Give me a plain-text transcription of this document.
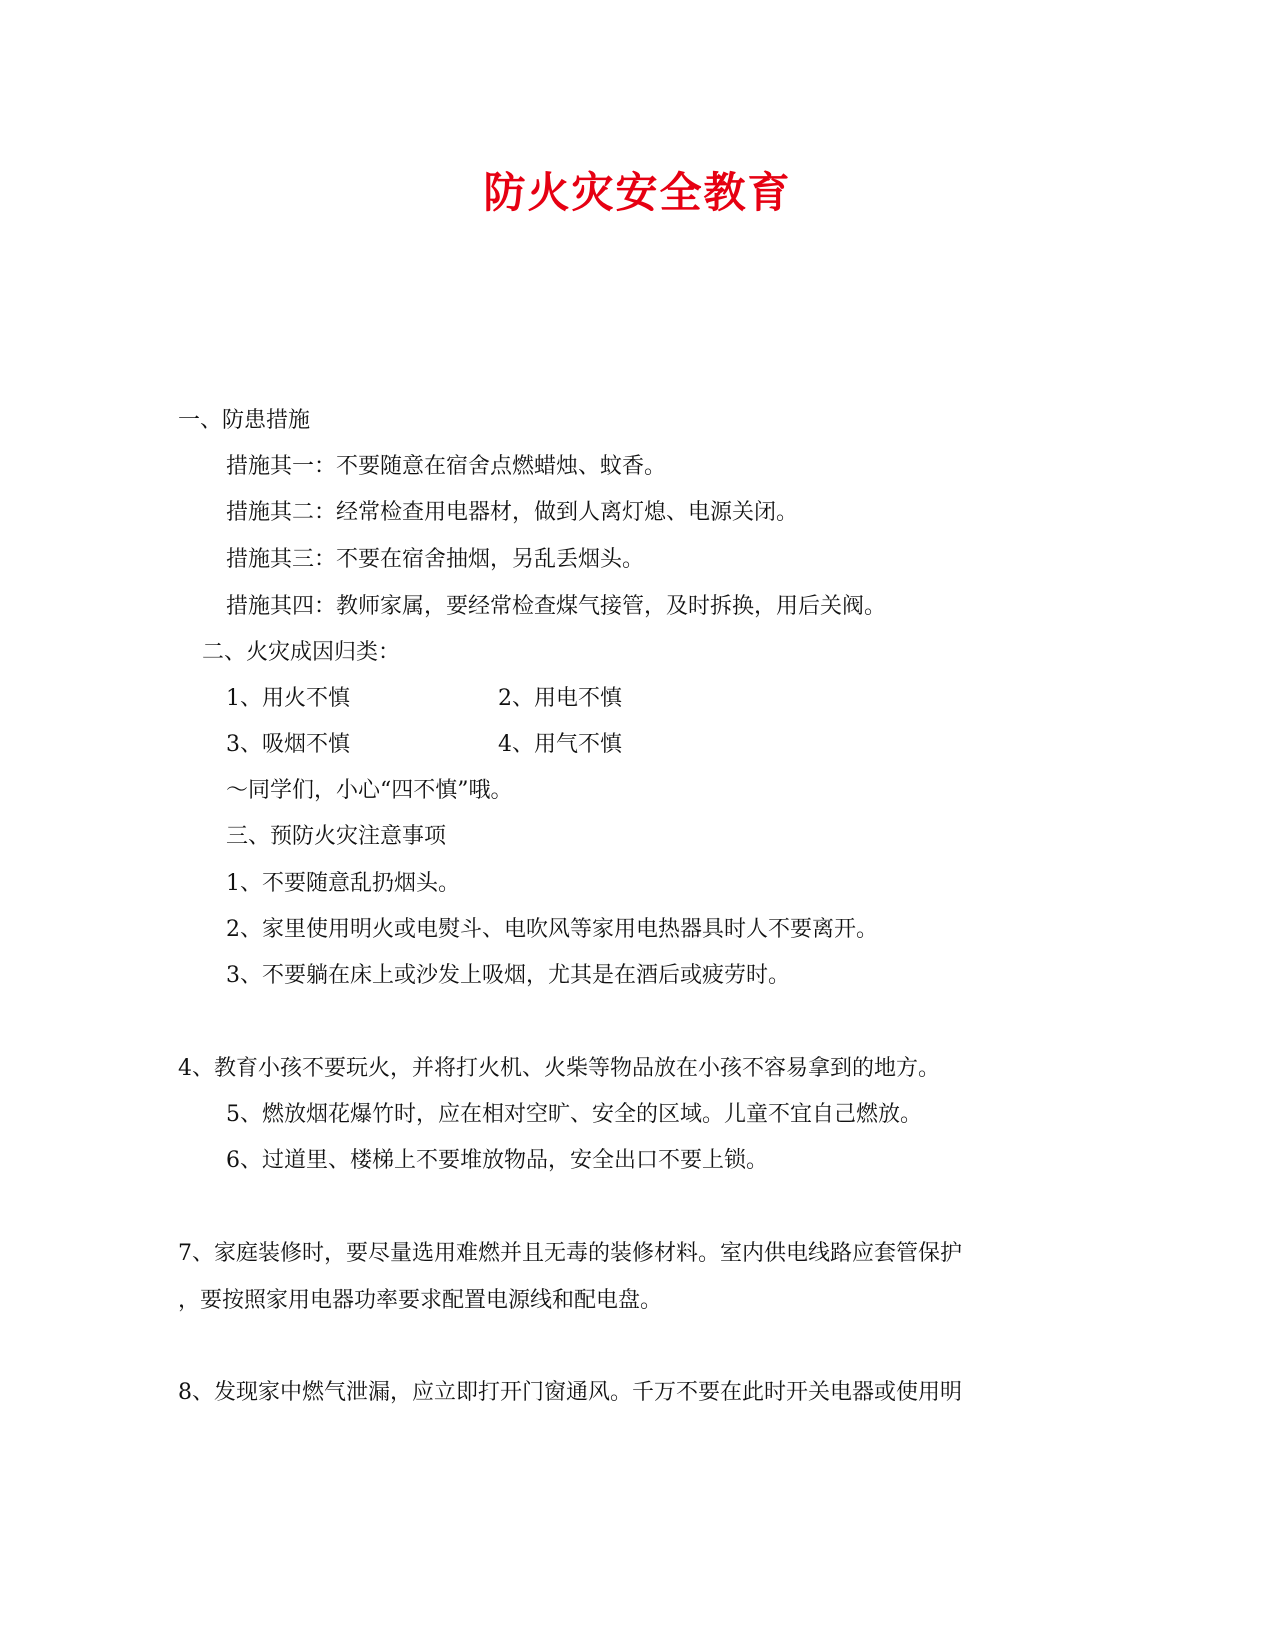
防火灾安全教育
一、防患措施
措施其一：不要随意在宿舍点燃蜡烛、蚊香。
措施其二：经常检查用电器材，做到人离灯熄、电源关闭。
措施其三：不要在宿舍抽烟，另乱丢烟头。
措施其四：教师家属，要经常检查煤气接管，及时拆换，用后关阀。
二、火灾成因归类：
1、用火不慎	2、用电不慎
3、吸烟不慎	4、用气不慎
～同学们，小心“四不慎”哦。
三、预防火灾注意事项
1、不要随意乱扔烟头。
2、家里使用明火或电熨斗、电吹风等家用电热器具时人不要离开。
3、不要躺在床上或沙发上吸烟，尤其是在酒后或疲劳时。
4、教育小孩不要玩火，并将打火机、火柴等物品放在小孩不容易拿到的地方。
5、燃放烟花爆竹时，应在相对空旷、安全的区域。儿童不宜自己燃放。
6、过道里、楼梯上不要堆放物品，安全出口不要上锁。
7、家庭装修时，要尽量选用难燃并且无毒的装修材料。室内供电线路应套管保护
，要按照家用电器功率要求配置电源线和配电盘。
8、发现家中燃气泄漏，应立即打开门窗通风。千万不要在此时开关电器或使用明
